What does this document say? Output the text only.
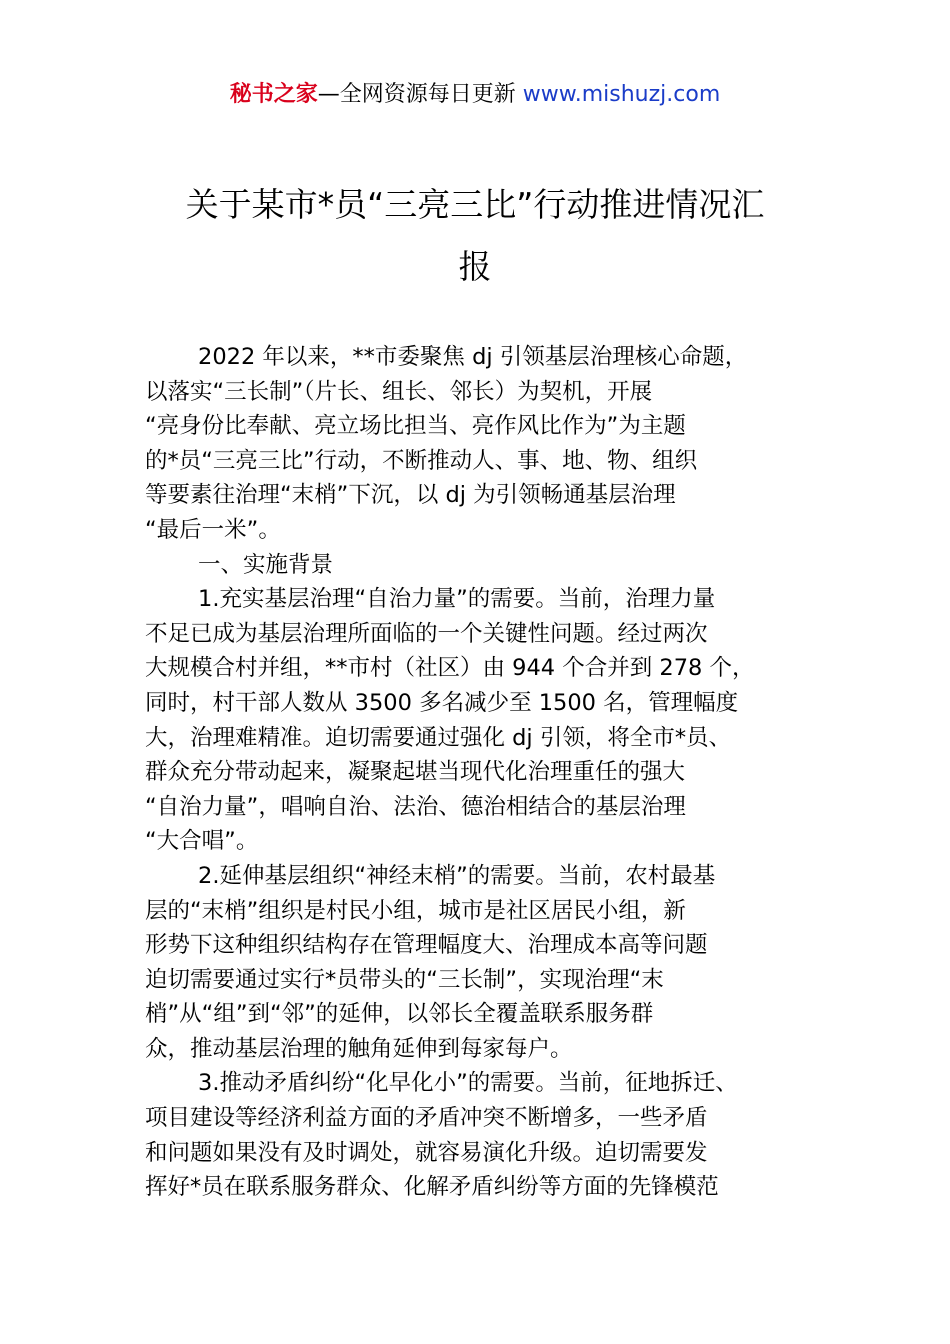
秘书之家—全网资源每日更新 www.mishuzj.com
关于某市*员“三亮三比”行动推进情况汇
报
2022 年以来，**市委聚焦 dj 引领基层治理核心命题，
以落实“三长制”（片长、组长、邻长）为契机，开展
“亮身份比奉献、亮立场比担当、亮作风比作为”为主题
的*员“三亮三比”行动，不断推动人、事、地、物、组织
等要素往治理“末梢”下沉，以 dj 为引领畅通基层治理
“最后一米”。
一、实施背景
1.充实基层治理“自治力量”的需要。当前，治理力量
不足已成为基层治理所面临的一个关键性问题。经过两次
大规模合村并组，**市村（社区）由 944 个合并到 278 个，
同时，村干部人数从 3500 多名减少至 1500 名，管理幅度
大，治理难精准。迫切需要通过强化 dj 引领，将全市*员、
群众充分带动起来，凝聚起堪当现代化治理重任的强大
“自治力量”，唱响自治、法治、德治相结合的基层治理
“大合唱”。
2.延伸基层组织“神经末梢”的需要。当前，农村最基
层的“末梢”组织是村民小组，城市是社区居民小组，新
形势下这种组织结构存在管理幅度大、治理成本高等问题
迫切需要通过实行*员带头的“三长制”，实现治理“末
梢”从“组”到“邻”的延伸，以邻长全覆盖联系服务群
众，推动基层治理的触角延伸到每家每户。
3.推动矛盾纠纷“化早化小”的需要。当前，征地拆迁、
项目建设等经济利益方面的矛盾冲突不断增多，一些矛盾
和问题如果没有及时调处，就容易演化升级。迫切需要发
挥好*员在联系服务群众、化解矛盾纠纷等方面的先锋模范
